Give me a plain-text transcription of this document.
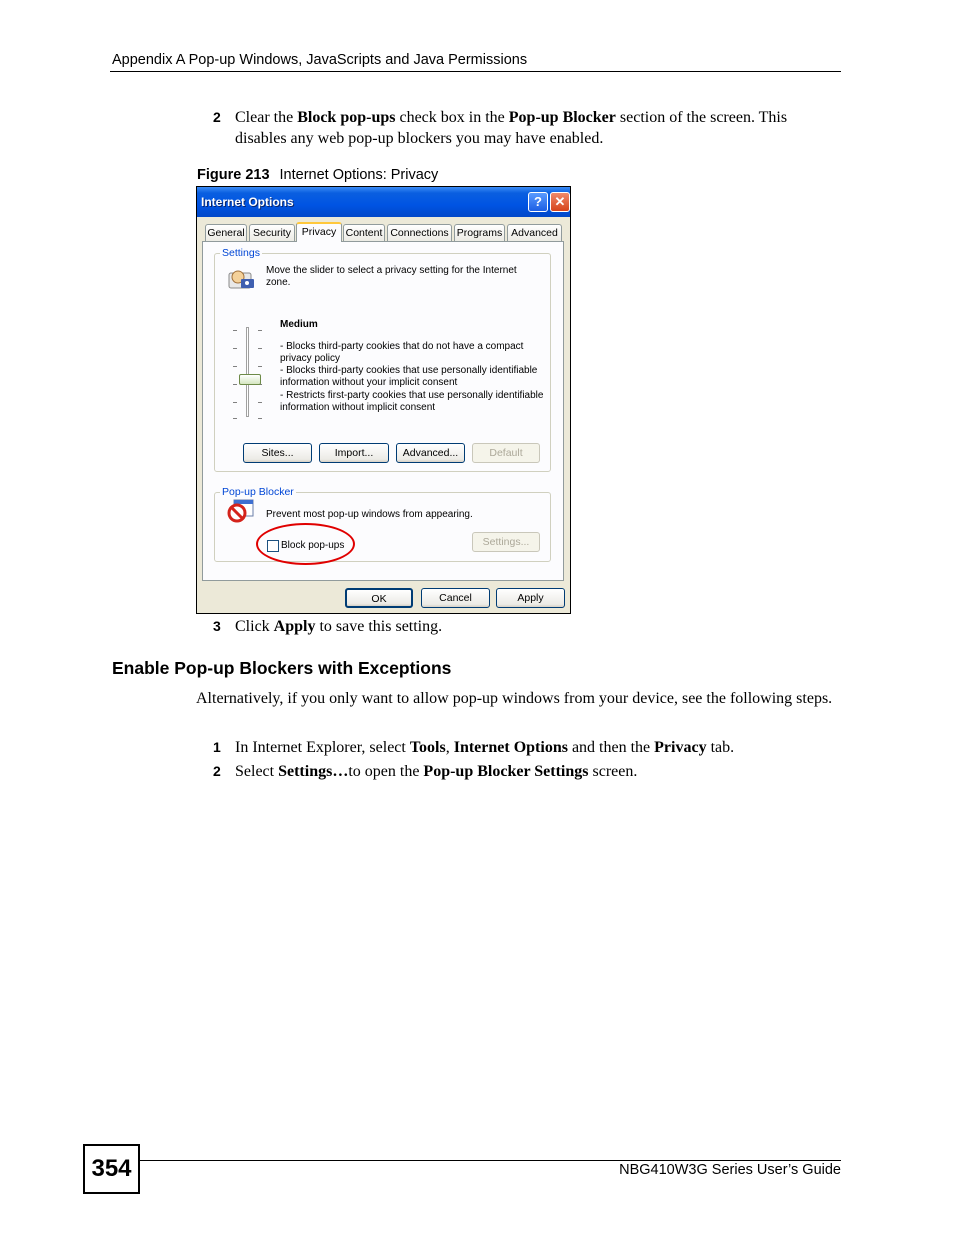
Appendix A Pop-up Windows, JavaScripts and Java Permissions
2 Clear the Block pop-ups check box in the Pop-up Blocker section of the screen. This disables any web pop-up blockers you may have enabled.
Figure 213 Internet Options: Privacy
Internet Options	? ✕
General Security	Privacy Content Connections Programs Advanced
Settings
Move the slider to select a privacy setting for the Internet zone.
Medium
- Blocks third-party cookies that do not have a compact privacy policy
- Blocks third-party cookies that use personally identifiable information without your implicit consent
- Restricts first-party cookies that use personally identifiable information without implicit consent
Sites...	Import...	Advanced...	Default
Pop-up Blocker
Prevent most pop-up windows from appearing.
Block pop-ups	Settings...
OK	Cancel	Apply
3 Click Apply to save this setting.
Enable Pop-up Blockers with Exceptions
Alternatively, if you only want to allow pop-up windows from your device, see the following steps.
1 In Internet Explorer, select Tools, Internet Options and then the Privacy tab.
2 Select Settings…to open the Pop-up Blocker Settings screen.
354	NBG410W3G Series User’s Guide
